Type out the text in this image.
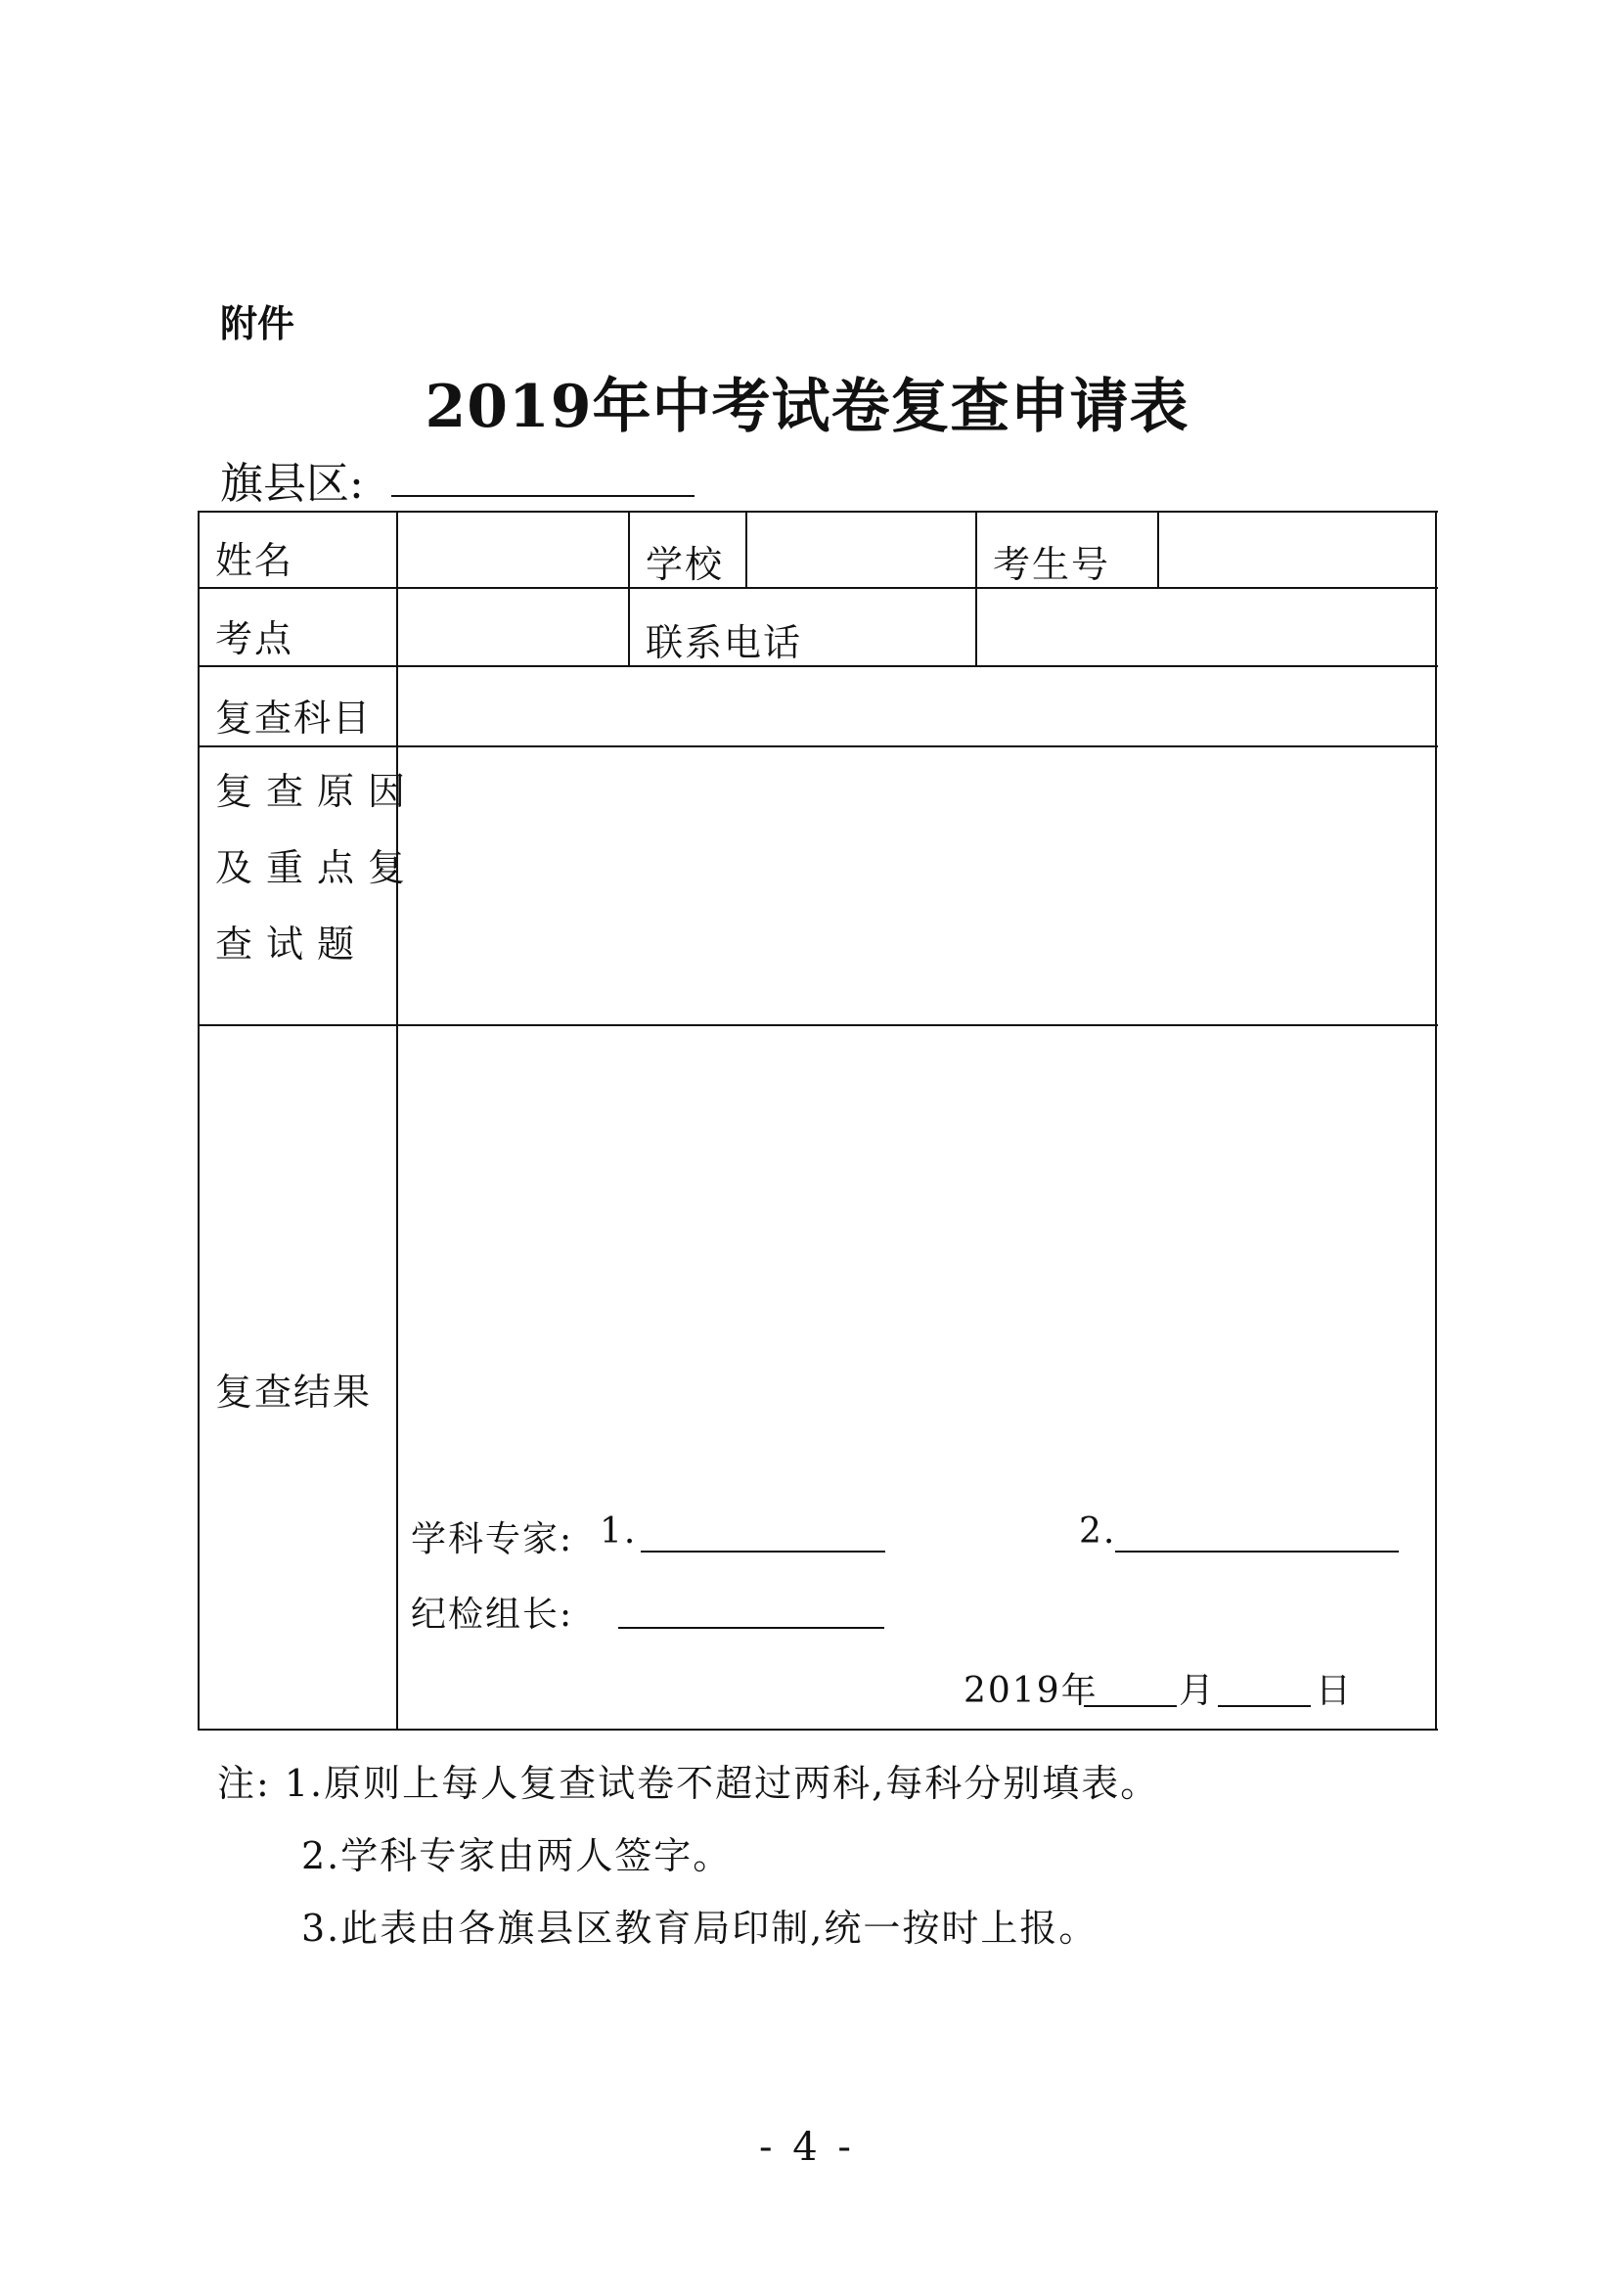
附件
2019年中考试卷复查申请表
旗县区:
姓名	学校	考生号
考点	联系电话
复查科目
复查原因
及重点复
查试题
复查结果
学科专家: 1.	2.
纪检组长:
2019年 月	日
注: 1.原则上每人复查试卷不超过两科,每科分别填表。
2.学科专家由两人签字。
3.此表由各旗县区教育局印制,统一按时上报。
- 4 -
